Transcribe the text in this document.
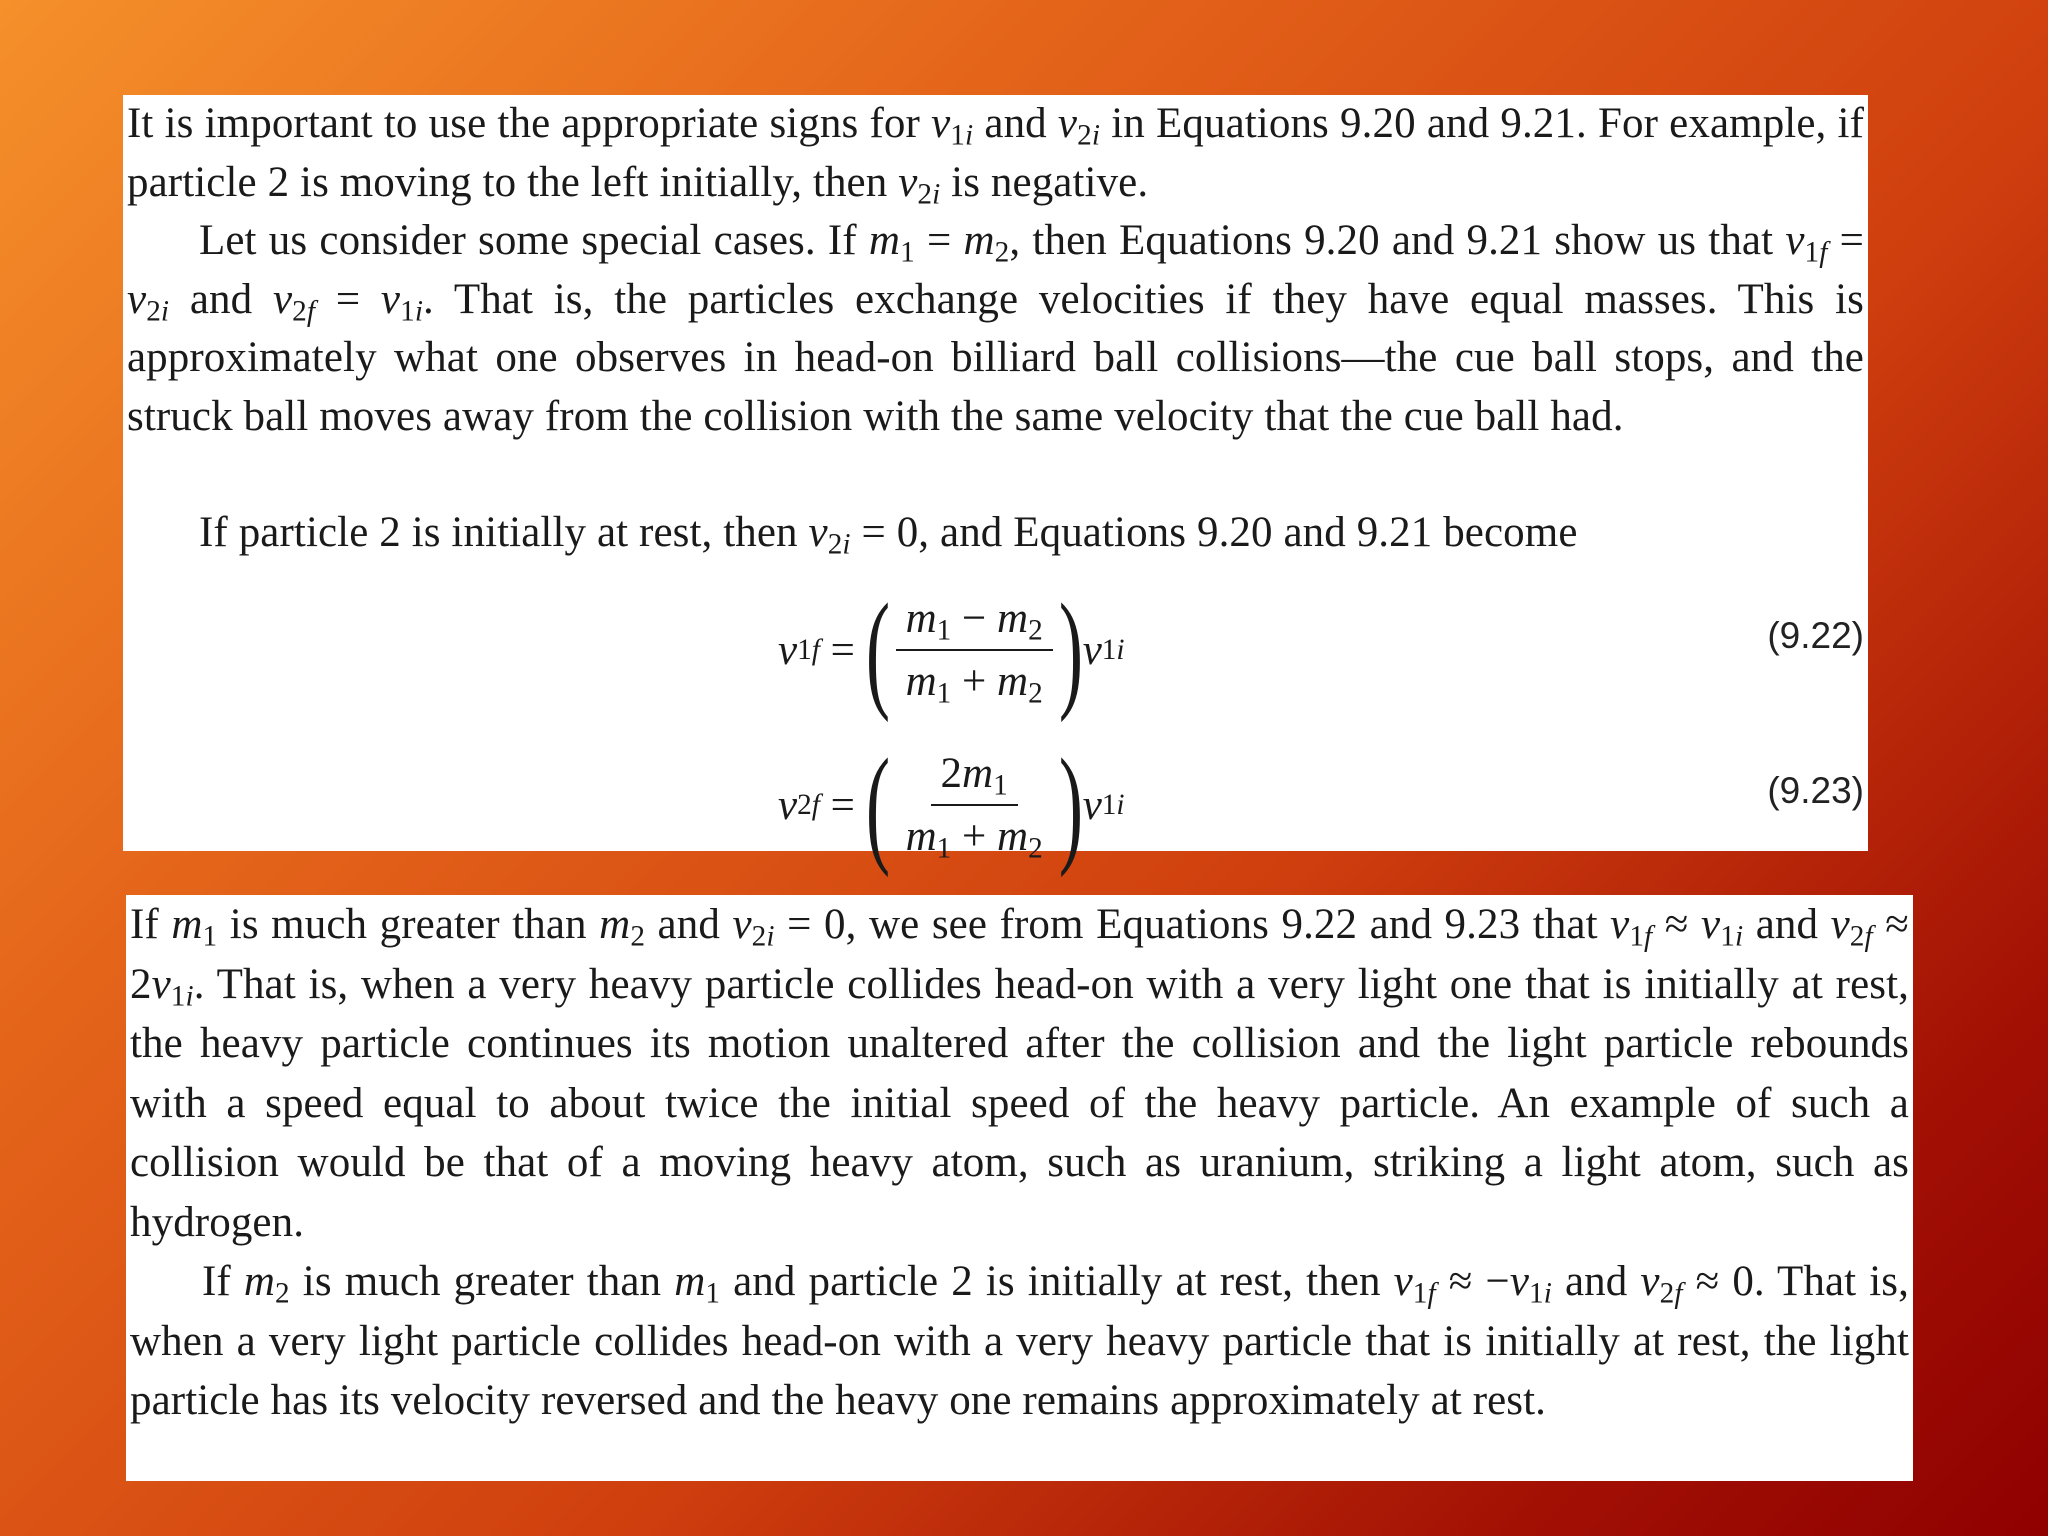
It is important to use the appropriate signs for $v_{1i}$ and $v_{2i}$ in Equations 9.20 and 9.21. For example, if particle 2 is moving to the left initially, then $v_{2i}$ is negative.

Let us consider some special cases. If $m_1 = m_2$, then Equations 9.20 and 9.21 show us that $v_{1f} = v_{2i}$ and $v_{2f} = v_{1i}$. That is, the particles exchange velocities if they have equal masses. This is approximately what one observes in head-on billiard ball collisions—the cue ball stops, and the struck ball moves away from the collision with the same velocity that the cue ball had.

If particle 2 is initially at rest, then $v_{2i} = 0$, and Equations 9.20 and 9.21 become

v 1f = ( $\frac{m_1 - m_2}{m_1 + m_2}$ ) v 1i	(9.22)
v 2f = ( $\frac{2m_1}{m_1 + m_2}$ ) v 1i	(9.23)

If $m_1$ is much greater than $m_2$ and $v_{2i} = 0$, we see from Equations 9.22 and 9.23 that $v_{1f} \approx v_{1i}$ and $v_{2f} \approx 2v_{1i}$. That is, when a very heavy particle collides head-on with a very light one that is initially at rest, the heavy particle continues its motion unaltered after the collision and the light particle rebounds with a speed equal to about twice the initial speed of the heavy particle. An example of such a collision would be that of a moving heavy atom, such as uranium, striking a light atom, such as hydrogen.

If $m_2$ is much greater than $m_1$ and particle 2 is initially at rest, then $v_{1f} \approx -v_{1i}$ and $v_{2f} \approx 0$. That is, when a very light particle collides head-on with a very heavy particle that is initially at rest, the light particle has its velocity reversed and the heavy one remains approximately at rest.
